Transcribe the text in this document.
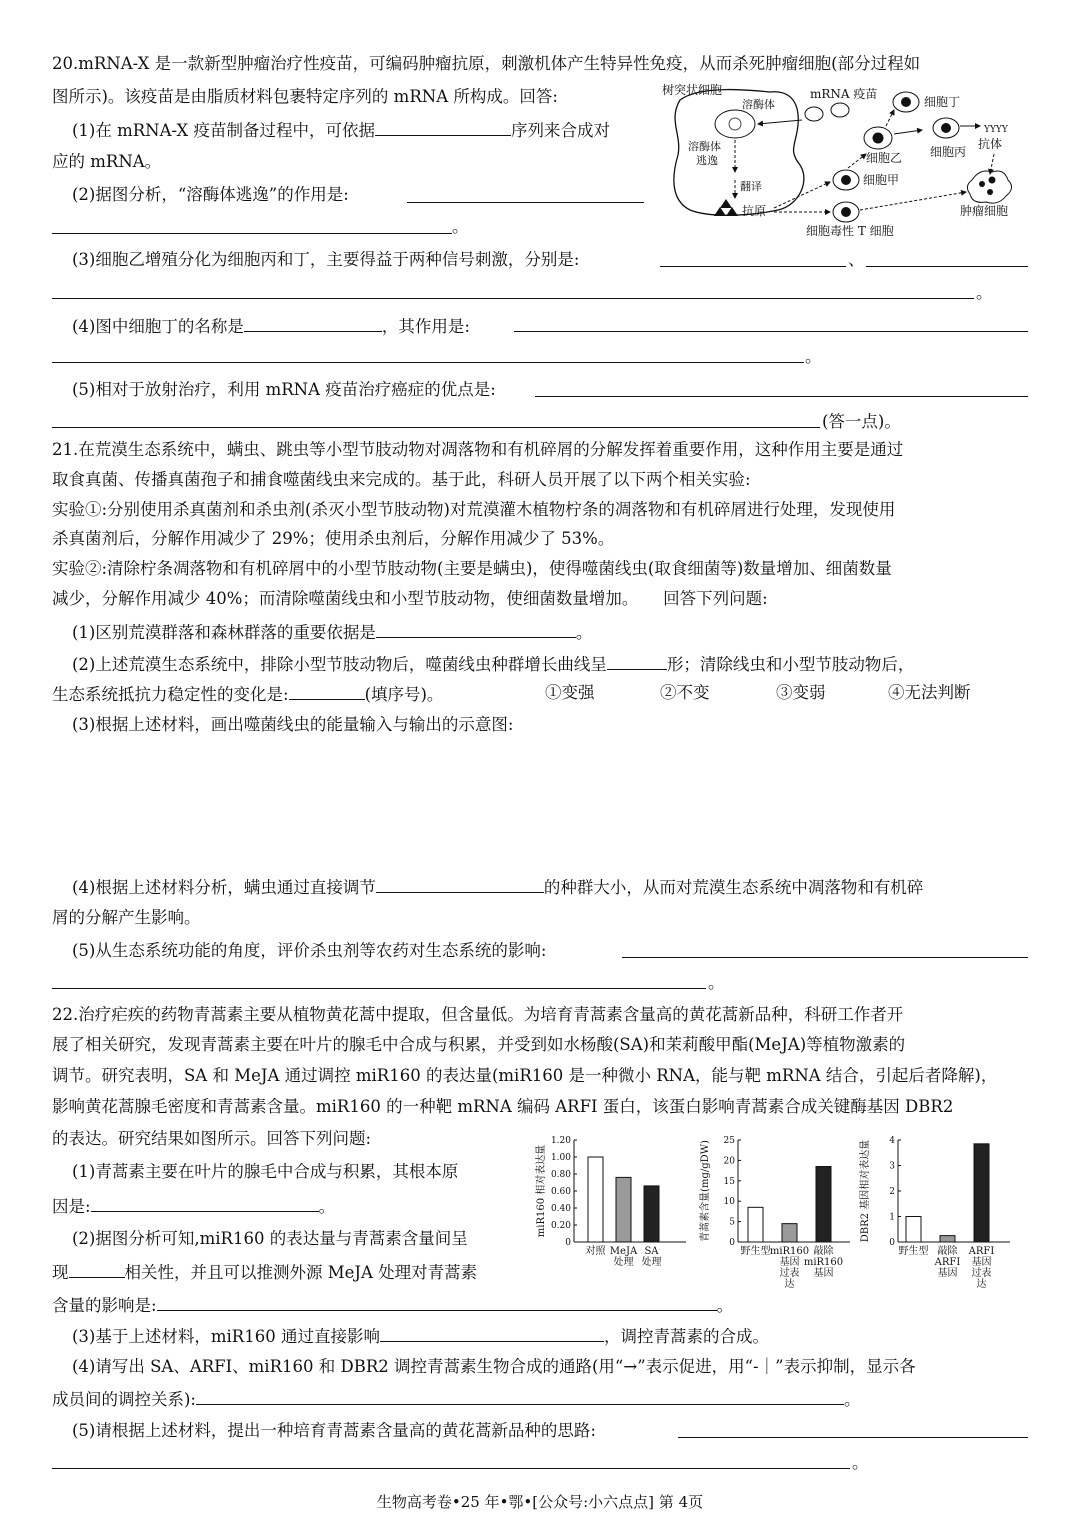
20.mRNA-X 是一款新型肿瘤治疗性疫苗，可编码肿瘤抗原，刺激机体产生特异性免疫，从而杀死肿瘤细胞(部分过程如
图所示)。该疫苗是由脂质材料包裹特定序列的 mRNA 所构成。回答:
(1)在 mRNA-X 疫苗制备过程中，可依据	序列来合成对
应的 mRNA。
(2)据图分析，“溶酶体逃逸”的作用是:
。
(3)细胞乙增殖分化为细胞丙和丁，主要得益于两种信号刺激，分别是:	、
。
(4)图中细胞丁的名称是	，其作用是:
。
(5)相对于放射治疗，利用 mRNA 疫苗治疗癌症的优点是:
(答一点)。
树突状细胞
溶酶体
mRNA 疫苗
溶酶体
逃逸
翻译
抗原
细胞甲
细胞乙
细胞丁
细胞丙
YYYY
抗体
肿瘤细胞
细胞毒性 T 细胞
21.在荒漠生态系统中，螨虫、跳虫等小型节肢动物对凋落物和有机碎屑的分解发挥着重要作用，这种作用主要是通过
取食真菌、传播真菌孢子和捕食噬菌线虫来完成的。基于此，科研人员开展了以下两个相关实验:
实验①:分别使用杀真菌剂和杀虫剂(杀灭小型节肢动物)对荒漠灌木植物柠条的凋落物和有机碎屑进行处理，发现使用
杀真菌剂后，分解作用减少了 29%；使用杀虫剂后，分解作用减少了 53%。
实验②:清除柠条凋落物和有机碎屑中的小型节肢动物(主要是螨虫)，使得噬菌线虫(取食细菌等)数量增加、细菌数量
减少，分解作用减少 40%；而清除噬菌线虫和小型节肢动物，使细菌数量增加。　　回答下列问题:
(1)区别荒漠群落和森林群落的重要依据是	。
(2)上述荒漠生态系统中，排除小型节肢动物后，噬菌线虫种群增长曲线呈	形；清除线虫和小型节肢动物后，
生态系统抵抗力稳定性的变化是:	(填序号)。	①变强	②不变	③变弱	④无法判断
(3)根据上述材料，画出噬菌线虫的能量输入与输出的示意图:
(4)根据上述材料分析，螨虫通过直接调节	的种群大小，从而对荒漠生态系统中凋落物和有机碎
屑的分解产生影响。
(5)从生态系统功能的角度，评价杀虫剂等农药对生态系统的影响:
。
22.治疗疟疾的药物青蒿素主要从植物黄花蒿中提取，但含量低。为培育青蒿素含量高的黄花蒿新品种，科研工作者开
展了相关研究，发现青蒿素主要在叶片的腺毛中合成与积累，并受到如水杨酸(SA)和茉莉酸甲酯(MeJA)等植物激素的
调节。研究表明，SA 和 MeJA 通过调控 miR160 的表达量(miR160 是一种微小 RNA，能与靶 mRNA 结合，引起后者降解)，
影响黄花蒿腺毛密度和青蒿素含量。miR160 的一种靶 mRNA 编码 ARFI 蛋白，该蛋白影响青蒿素合成关键酶基因 DBR2
的表达。研究结果如图所示。回答下列问题:
(1)青蒿素主要在叶片的腺毛中合成与积累，其根本原
因是:	。
(2)据图分析可知,miR160 的表达量与青蒿素含量间呈
现	相关性，并且可以推测外源 MeJA 处理对青蒿素
含量的影响是:	。
(3)基于上述材料，miR160 通过直接影响	，调控青蒿素的合成。
(4)请写出 SA、ARFI、miR160 和 DBR2 调控青蒿素生物合成的通路(用“→”表示促进，用“-｜”表示抑制，显示各
成员间的调控关系):	。
(5)请根据上述材料，提出一种培育青蒿素含量高的黄花蒿新品种的思路:
。
miR160 相对表达量
0
0.20
0.40
0.60
0.80
1.00
1.20
对照 MeJA 处理
SA 处理
青蒿素含量(mg/gDW)
0
5
10
15
20
25
野生型 miR160 基因过表达
敲除 miR160 基因
DBR2 基因相对表达量
0
1
2
3
4
野生型 敲除 ARFI 基因
ARFI 基因过表达
生物高考卷•25 年•鄂•[公众号:小六点点] 第 4页
